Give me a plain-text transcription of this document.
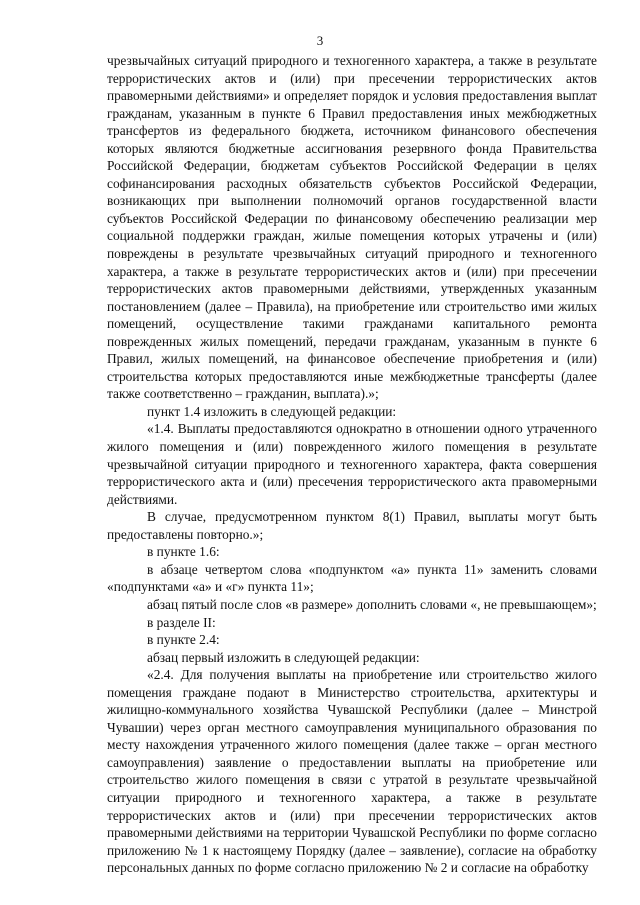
3

чрезвычайных ситуаций природного и техногенного характера, а также в результате террористических актов и (или) при пресечении террористических актов правомерными действиями» и определяет порядок и условия предоставления выплат гражданам, указанным в пункте 6 Правил предоставления иных межбюджетных трансфертов из федерального бюджета, источником финансового обеспечения которых являются бюджетные ассигнования резервного фонда Правительства Российской Федерации, бюджетам субъектов Российской Федерации в целях софинансирования расходных обязательств субъектов Российской Федерации, возникающих при выполнении полномочий органов государственной власти субъектов Российской Федерации по финансовому обеспечению реализации мер социальной поддержки граждан, жилые помещения которых утрачены и (или) повреждены в результате чрезвычайных ситуаций природного и техногенного характера, а также в результате террористических актов и (или) при пресечении террористических актов правомерными действиями, утвержденных указанным постановлением (далее – Правила), на приобретение или строительство ими жилых помещений, осуществление такими гражданами капитального ремонта поврежденных жилых помещений, передачи гражданам, указанным в пункте 6 Правил, жилых помещений, на финансовое обеспечение приобретения и (или) строительства которых предоставляются иные межбюджетные трансферты (далее также соответственно – гражданин, выплата).»;

пункт 1.4 изложить в следующей редакции:

«1.4. Выплаты предоставляются однократно в отношении одного утраченного жилого помещения и (или) поврежденного жилого помещения в результате чрезвычайной ситуации природного и техногенного характера, факта совершения террористического акта и (или) пресечения террористического акта правомерными действиями.

В случае, предусмотренном пунктом 8(1) Правил, выплаты могут быть предоставлены повторно.»;

в пункте 1.6:

в абзаце четвертом слова «подпунктом «а» пункта 11» заменить словами «подпунктами «а» и «г» пункта 11»;

абзац пятый после слов «в размере» дополнить словами «, не превышающем»;

в разделе II:

в пункте 2.4:

абзац первый изложить в следующей редакции:

«2.4. Для получения выплаты на приобретение или строительство жилого помещения граждане подают в Министерство строительства, архитектуры и жилищно-коммунального хозяйства Чувашской Республики (далее – Минстрой Чувашии) через орган местного самоуправления муниципального образования по месту нахождения утраченного жилого помещения (далее также – орган местного самоуправления) заявление о предоставлении выплаты на приобретение или строительство жилого помещения в связи с утратой в результате чрезвычайной ситуации природного и техногенного характера, а также в результате террористических актов и (или) при пресечении террористических актов правомерными действиями на территории Чувашской Республики по форме согласно приложению № 1 к настоящему Порядку (далее – заявление), согласие на обработку персональных данных по форме согласно приложению № 2 и согласие на обработку
